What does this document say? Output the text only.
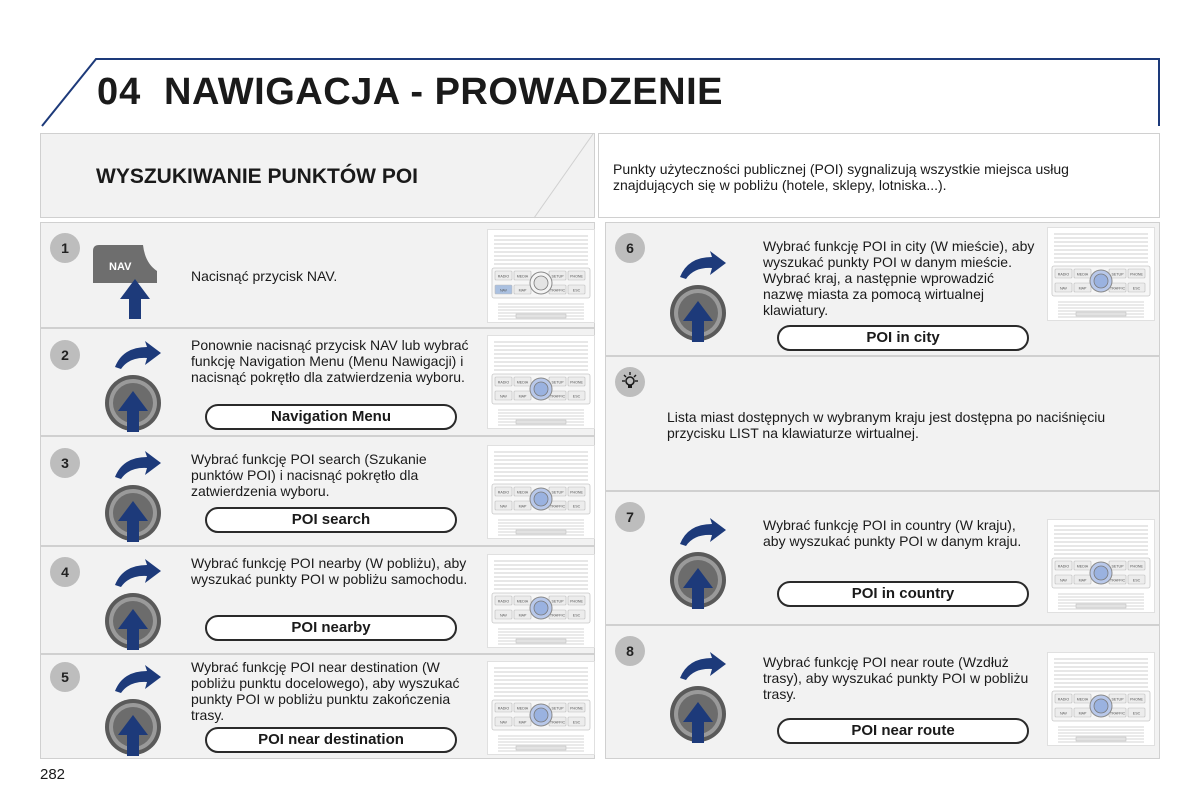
04 NAWIGACJA - PROWADZENIE
WYSZUKIWANIE PUNKTÓW POI	Punkty użyteczności publicznej (POI) sygnalizują wszystkie miejsca usług znajdujących się w pobliżu (hotele, sklepy, lotniska...).

1
NAV
Nacisnąć przycisk NAV.	RADIO MEDIA	SETUP PHONE
NAV	MAP	TRAFFIC ESC
2
Ponownie nacisnąć przycisk NAV lub wybrać funkcję Navigation Menu (Menu Nawigacji) i nacisnąć pokrętło dla zatwierdzenia wyboru.
Navigation Menu
RADIO MEDIA	SETUP PHONE
NAV	MAP	TRAFFIC ESC
3	Wybrać funkcję POI search (Szukanie punktów POI) i nacisnąć pokrętło dla zatwierdzenia wyboru.
POI search
RADIO MEDIA	SETUP PHONE
NAV	MAP	TRAFFIC ESC
4
Wybrać funkcję POI nearby (W pobliżu), aby wyszukać punkty POI w pobliżu samochodu.
POI nearby
RADIO MEDIA	SETUP PHONE
NAV	MAP	TRAFFIC ESC
5
Wybrać funkcję POI near destination (W pobliżu punktu docelowego), aby wyszukać punkty POI w pobliżu punktu zakończenia trasy.
POI near destination
RADIO MEDIA	SETUP PHONE
NAV	MAP	TRAFFIC ESC
6	Wybrać funkcję POI in city (W mieście), aby wyszukać punkty POI w danym mieście. Wybrać kraj, a następnie wprowadzić nazwę miasta za pomocą wirtualnej klawiatury.
POI in city
RADIO MEDIA	SETUP PHONE
NAV	MAP	TRAFFIC ESC
Lista miast dostępnych w wybranym kraju jest dostępna po naciśnięciu przycisku LIST na klawiaturze wirtualnej.
7	Wybrać funkcję POI in country (W kraju), aby wyszukać punkty POI w danym kraju.
POI in country
RADIO MEDIA	SETUP PHONE
NAV	MAP	TRAFFIC ESC
8
Wybrać funkcję POI near route (Wzdłuż trasy), aby wyszukać punkty POI w pobliżu trasy.
POI near route
RADIO MEDIA	SETUP PHONE
NAV	MAP	TRAFFIC ESC
282
